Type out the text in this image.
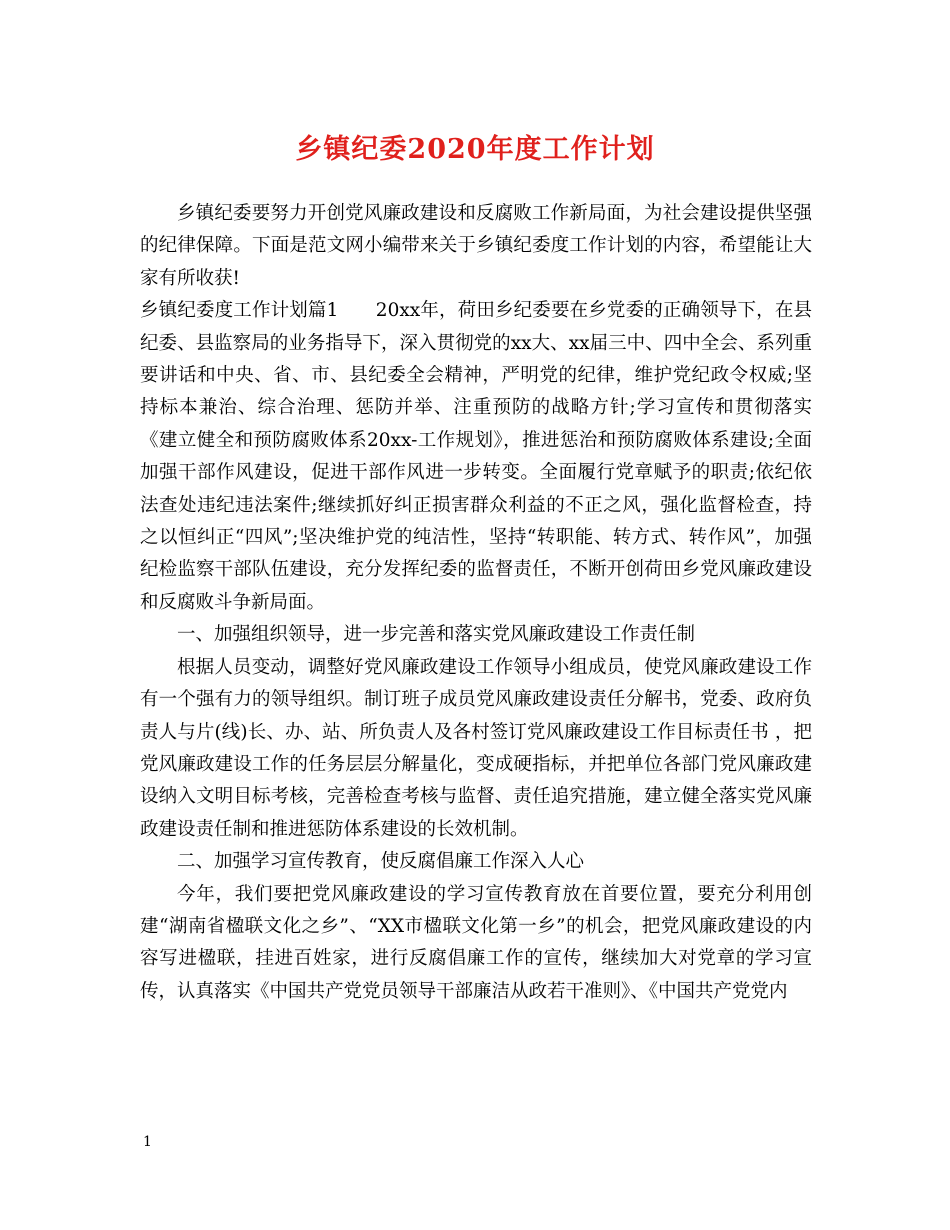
乡镇纪委2020年度工作计划

乡镇纪委要努力开创党风廉政建设和反腐败工作新局面，为社会建设提供坚强的纪律保障。下面是范文网小编带来关于乡镇纪委度工作计划的内容，希望能让大家有所收获!

乡镇纪委度工作计划篇1　　20xx年，荷田乡纪委要在乡党委的正确领导下，在县纪委、县监察局的业务指导下，深入贯彻党的xx大、xx届三中、四中全会、系列重要讲话和中央、省、市、县纪委全会精神，严明党的纪律，维护党纪政令权威;坚持标本兼治、综合治理、惩防并举、注重预防的战略方针;学习宣传和贯彻落实《建立健全和预防腐败体系20xx-工作规划》，推进惩治和预防腐败体系建设;全面加强干部作风建设，促进干部作风进一步转变。全面履行党章赋予的职责;依纪依法查处违纪违法案件;继续抓好纠正损害群众利益的不正之风，强化监督检查，持之以恒纠正“四风”;坚决维护党的纯洁性，坚持“转职能、转方式、转作风”，加强纪检监察干部队伍建设，充分发挥纪委的监督责任，不断开创荷田乡党风廉政建设和反腐败斗争新局面。

一、加强组织领导，进一步完善和落实党风廉政建设工作责任制

根据人员变动，调整好党风廉政建设工作领导小组成员，使党风廉政建设工作有一个强有力的领导组织。制订班子成员党风廉政建设责任分解书，党委、政府负责人与片(线)长、办、站、所负责人及各村签订党风廉政建设工作目标责任书 ，把党风廉政建设工作的任务层层分解量化，变成硬指标，并把单位各部门党风廉政建设纳入文明目标考核，完善检查考核与监督、责任追究措施，建立健全落实党风廉政建设责任制和推进惩防体系建设的长效机制。

二、加强学习宣传教育，使反腐倡廉工作深入人心

今年，我们要把党风廉政建设的学习宣传教育放在首要位置，要充分利用创建“湖南省楹联文化之乡”、“XX市楹联文化第一乡”的机会，把党风廉政建设的内容写进楹联，挂进百姓家，进行反腐倡廉工作的宣传，继续加大对党章的学习宣传，认真落实《中国共产党党员领导干部廉洁从政若干准则》、《中国共产党党内

1
